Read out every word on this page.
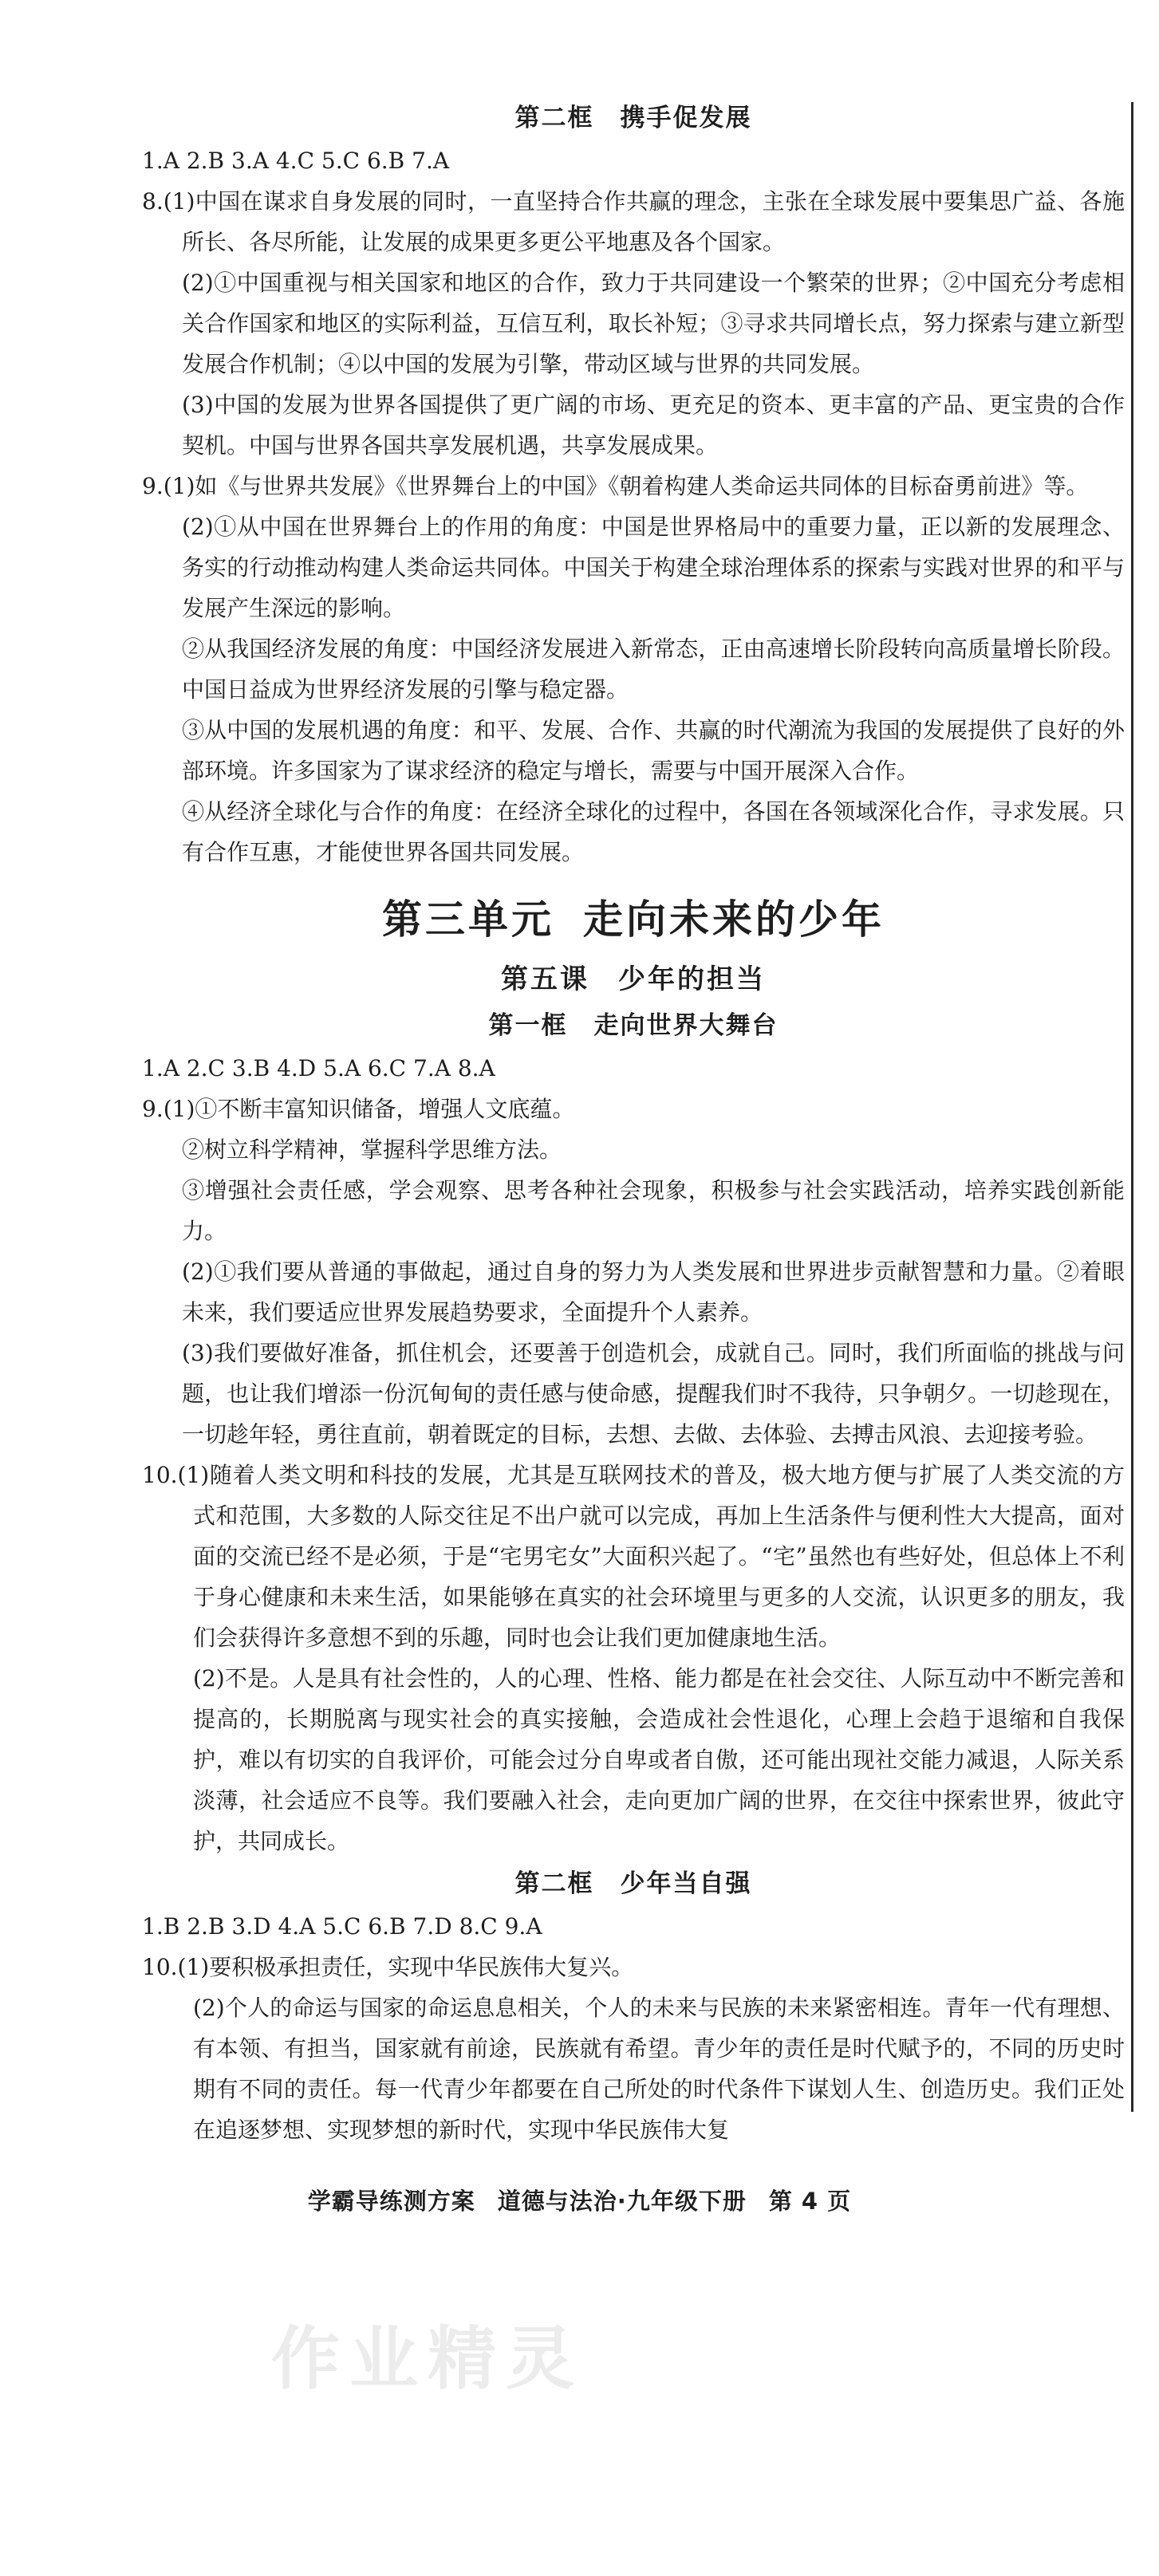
第二框　携手促发展
1.A 2.B 3.A 4.C 5.C 6.B 7.A
8.(1)中国在谋求自身发展的同时，一直坚持合作共赢的理念，主张在全球发展中要集思广益、各施所长、各尽所能，让发展的成果更多更公平地惠及各个国家。
(2)①中国重视与相关国家和地区的合作，致力于共同建设一个繁荣的世界；②中国充分考虑相关合作国家和地区的实际利益，互信互利，取长补短；③寻求共同增长点，努力探索与建立新型发展合作机制；④以中国的发展为引擎，带动区域与世界的共同发展。
(3)中国的发展为世界各国提供了更广阔的市场、更充足的资本、更丰富的产品、更宝贵的合作契机。中国与世界各国共享发展机遇，共享发展成果。
9.(1)如《与世界共发展》《世界舞台上的中国》《朝着构建人类命运共同体的目标奋勇前进》等。
(2)①从中国在世界舞台上的作用的角度：中国是世界格局中的重要力量，正以新的发展理念、务实的行动推动构建人类命运共同体。中国关于构建全球治理体系的探索与实践对世界的和平与发展产生深远的影响。
②从我国经济发展的角度：中国经济发展进入新常态，正由高速增长阶段转向高质量增长阶段。中国日益成为世界经济发展的引擎与稳定器。
③从中国的发展机遇的角度：和平、发展、合作、共赢的时代潮流为我国的发展提供了良好的外部环境。许多国家为了谋求经济的稳定与增长，需要与中国开展深入合作。
④从经济全球化与合作的角度：在经济全球化的过程中，各国在各领域深化合作，寻求发展。只有合作互惠，才能使世界各国共同发展。
第三单元 走向未来的少年
第五课 少年的担当
第一框　走向世界大舞台
1.A 2.C 3.B 4.D 5.A 6.C 7.A 8.A
9.(1)①不断丰富知识储备，增强人文底蕴。
②树立科学精神，掌握科学思维方法。
③增强社会责任感，学会观察、思考各种社会现象，积极参与社会实践活动，培养实践创新能力。
(2)①我们要从普通的事做起，通过自身的努力为人类发展和世界进步贡献智慧和力量。②着眼未来，我们要适应世界发展趋势要求，全面提升个人素养。
(3)我们要做好准备，抓住机会，还要善于创造机会，成就自己。同时，我们所面临的挑战与问题，也让我们增添一份沉甸甸的责任感与使命感，提醒我们时不我待，只争朝夕。一切趁现在，一切趁年轻，勇往直前，朝着既定的目标，去想、去做、去体验、去搏击风浪、去迎接考验。
10.(1)随着人类文明和科技的发展，尤其是互联网技术的普及，极大地方便与扩展了人类交流的方式和范围，大多数的人际交往足不出户就可以完成，再加上生活条件与便利性大大提高，面对面的交流已经不是必须，于是“宅男宅女”大面积兴起了。“宅”虽然也有些好处，但总体上不利于身心健康和未来生活，如果能够在真实的社会环境里与更多的人交流，认识更多的朋友，我们会获得许多意想不到的乐趣，同时也会让我们更加健康地生活。
(2)不是。人是具有社会性的，人的心理、性格、能力都是在社会交往、人际互动中不断完善和提高的，长期脱离与现实社会的真实接触，会造成社会性退化，心理上会趋于退缩和自我保护，难以有切实的自我评价，可能会过分自卑或者自傲，还可能出现社交能力减退，人际关系淡薄，社会适应不良等。我们要融入社会，走向更加广阔的世界，在交往中探索世界，彼此守护，共同成长。
第二框　少年当自强
1.B 2.B 3.D 4.A 5.C 6.B 7.D 8.C 9.A
10.(1)要积极承担责任，实现中华民族伟大复兴。
(2)个人的命运与国家的命运息息相关，个人的未来与民族的未来紧密相连。青年一代有理想、有本领、有担当，国家就有前途，民族就有希望。青少年的责任是时代赋予的，不同的历史时期有不同的责任。每一代青少年都要在自己所处的时代条件下谋划人生、创造历史。我们正处在追逐梦想、实现梦想的新时代，实现中华民族伟大复
学霸导练测方案 道德与法治·九年级下册 第 4 页
作业精灵
